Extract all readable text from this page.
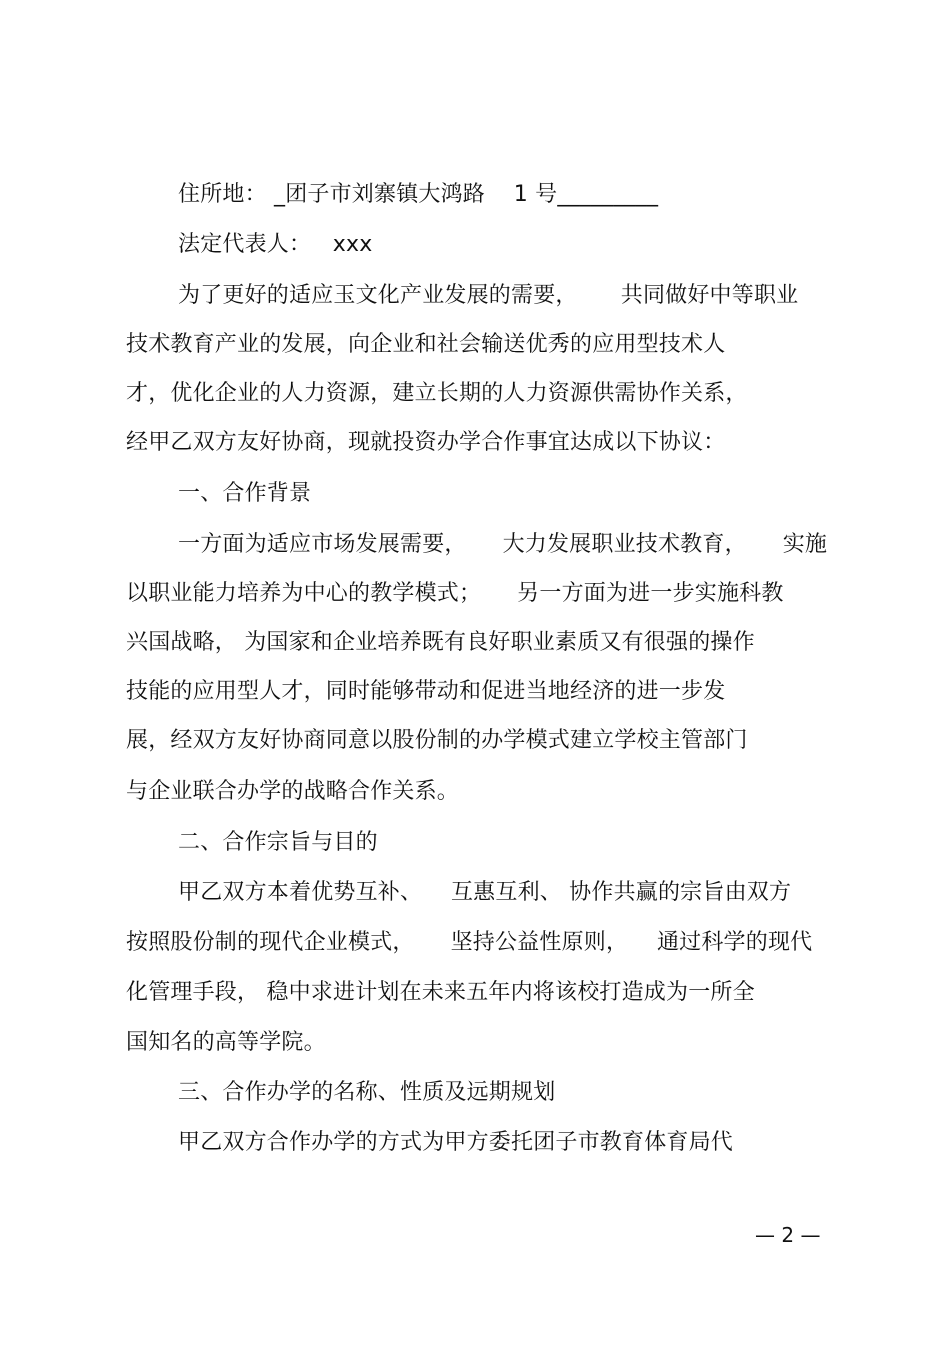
住所地： _团子市刘寨镇大鸿路    1 号_________
法定代表人：   xxx
为了更好的适应玉文化产业发展的需要，      共同做好中等职业
技术教育产业的发展，向企业和社会输送优秀的应用型技术人
才，优化企业的人力资源，建立长期的人力资源供需协作关系，
经甲乙双方友好协商，现就投资办学合作事宜达成以下协议：
一、合作背景
一方面为适应市场发展需要，     大力发展职业技术教育，     实施
以职业能力培养为中心的教学模式；     另一方面为进一步实施科教
兴国战略， 为国家和企业培养既有良好职业素质又有很强的操作
技能的应用型人才，同时能够带动和促进当地经济的进一步发
展，经双方友好协商同意以股份制的办学模式建立学校主管部门
与企业联合办学的战略合作关系。
二、合作宗旨与目的
甲乙双方本着优势互补、    互惠互利、 协作共赢的宗旨由双方
按照股份制的现代企业模式，     坚持公益性原则，    通过科学的现代
化管理手段， 稳中求进计划在未来五年内将该校打造成为一所全
国知名的高等学院。
三、合作办学的名称、性质及远期规划
甲乙双方合作办学的方式为甲方委托团子市教育体育局代
— 2 —
